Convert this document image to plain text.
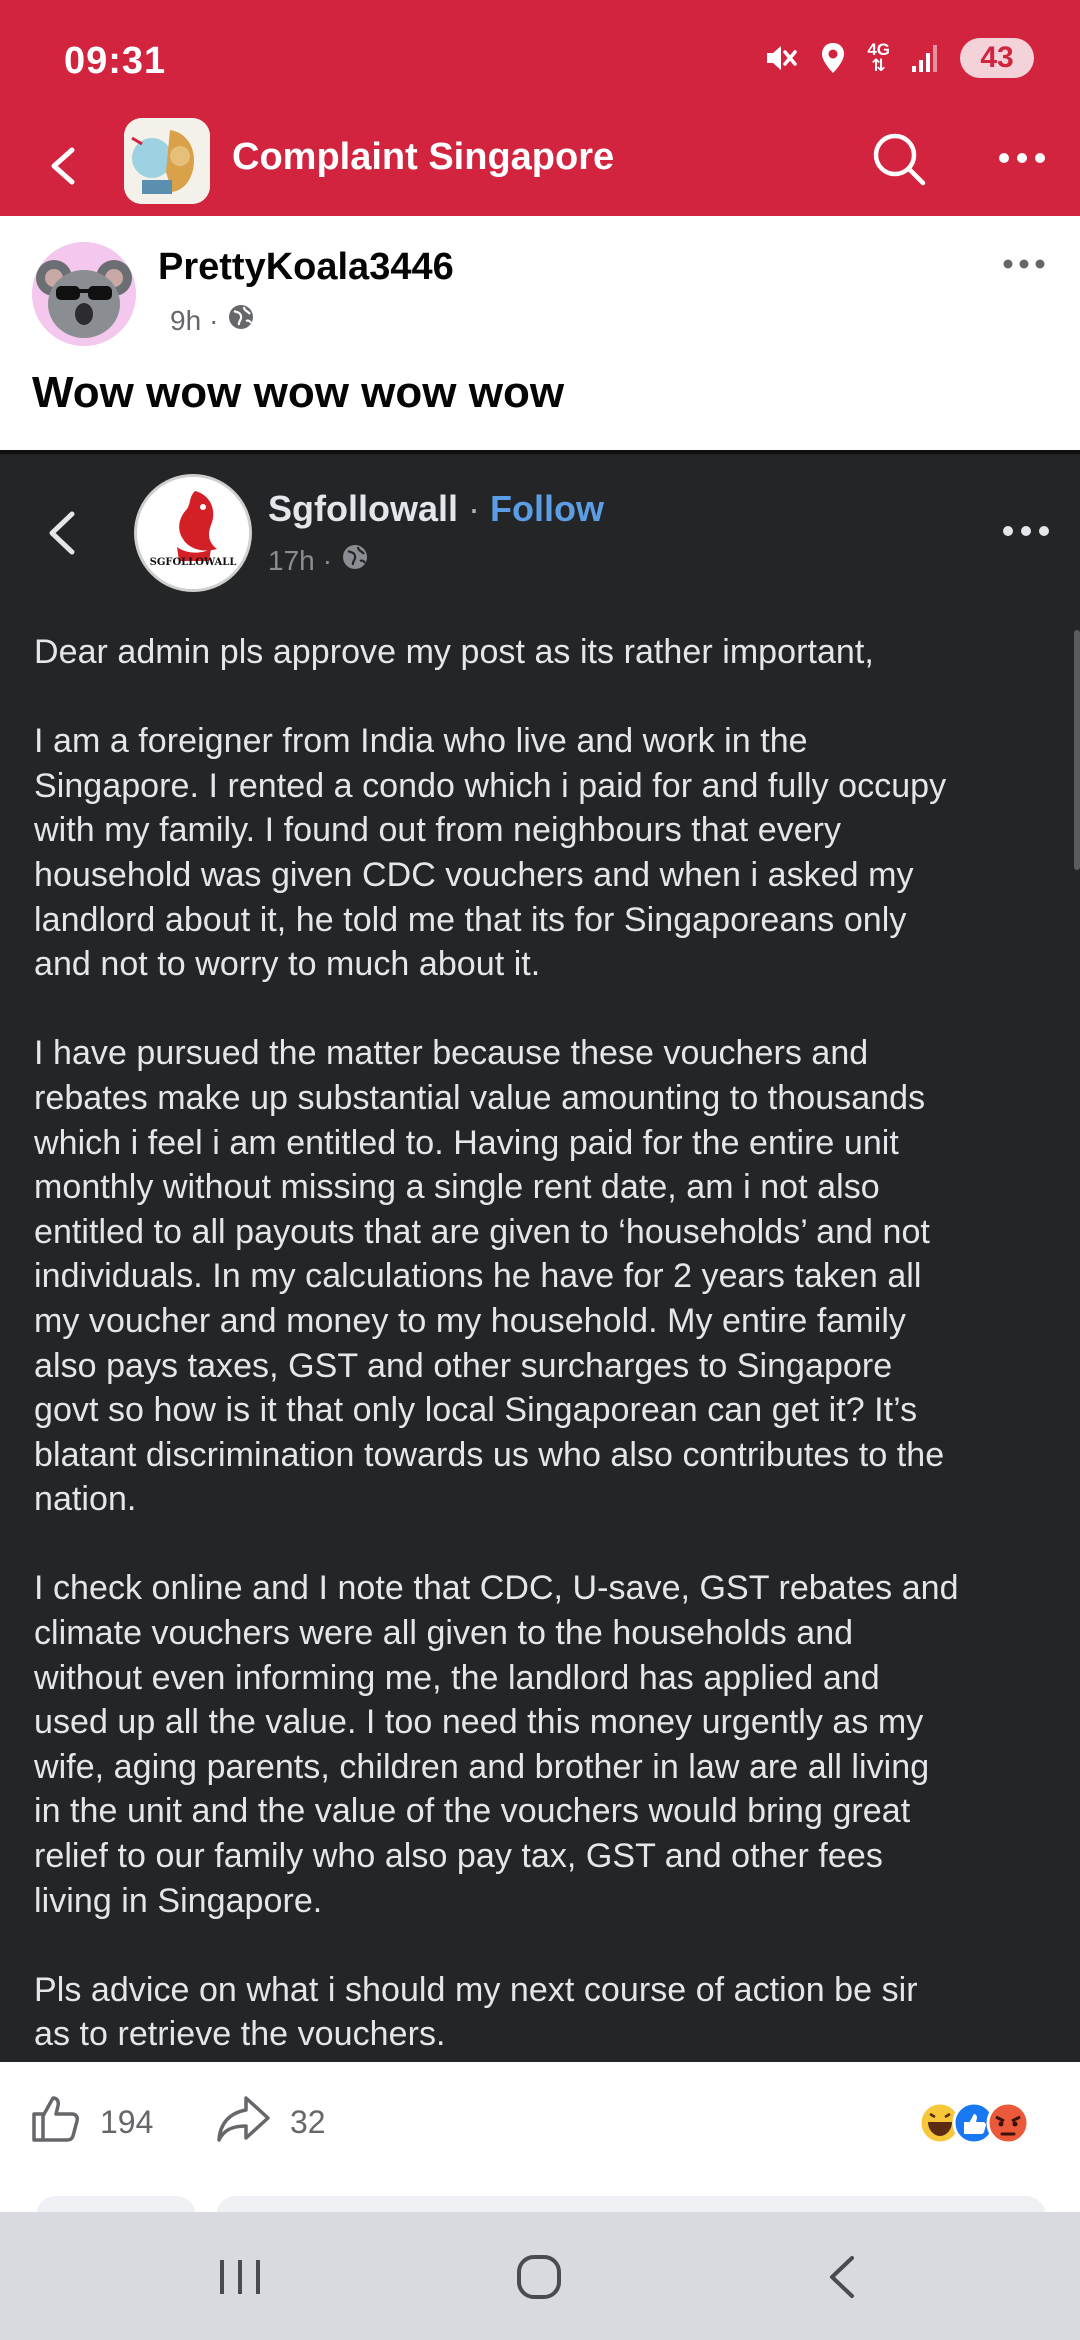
09:31	4G
⇅	43
Complaint Singapore
PrettyKoala3446
9h ·
Wow wow wow wow wow
SGFOLLOWALL
Sgfollowall · Follow
17h ·

Dear admin pls approve my post as its rather important,

I am a foreigner from India who live and work in the
Singapore. I rented a condo which i paid for and fully occupy
with my family. I found out from neighbours that every
household was given CDC vouchers and when i asked my
landlord about it, he told me that its for Singaporeans only
and not to worry to much about it.

I have pursued the matter because these vouchers and
rebates make up substantial value amounting to thousands
which i feel i am entitled to. Having paid for the entire unit
monthly without missing a single rent date, am i not also
entitled to all payouts that are given to ‘households’ and not
individuals. In my calculations he have for 2 years taken all
my voucher and money to my household. My entire family
also pays taxes, GST and other surcharges to Singapore
govt so how is it that only local Singaporean can get it? It’s
blatant discrimination towards us who also contributes to the
nation.

I check online and I note that CDC, U-save, GST rebates and
climate vouchers were all given to the households and
without even informing me, the landlord has applied and
used up all the value. I too need this money urgently as my
wife, aging parents, children and brother in law are all living
in the unit and the value of the vouchers would bring great
relief to our family who also pay tax, GST and other fees
living in Singapore.

Pls advice on what i should my next course of action be sir
as to retrieve the vouchers.

194	32
